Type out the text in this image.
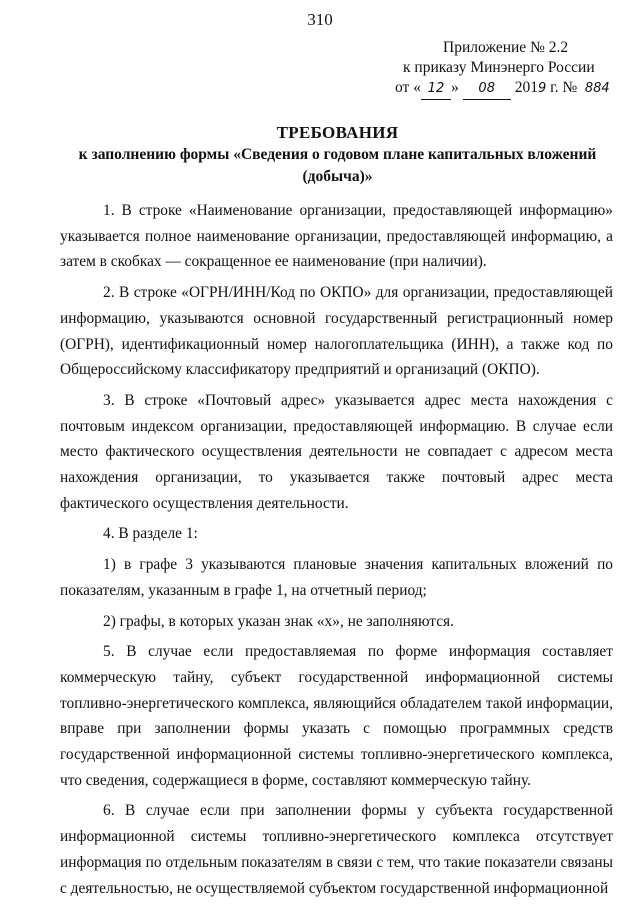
310
Приложение № 2.2
к приказу Минэнерго России
от « 12 » 08 2019 г. № 884
ТРЕБОВАНИЯ
к заполнению формы «Сведения о годовом плане капитальных вложений
(добыча)»

1. В строке «Наименование организации, предоставляющей информацию» указывается полное наименование организации, предоставляющей информацию, а затем в скобках — сокращенное ее наименование (при наличии).

2. В строке «ОГРН/ИНН/Код по ОКПО» для организации, предоставляющей информацию, указываются основной государственный регистрационный номер (ОГРН), идентификационный номер налогоплательщика (ИНН), а также код по Общероссийскому классификатору предприятий и организаций (ОКПО).

3. В строке «Почтовый адрес» указывается адрес места нахождения с почтовым индексом организации, предоставляющей информацию. В случае если место фактического осуществления деятельности не совпадает с адресом места нахождения организации, то указывается также почтовый адрес места фактического осуществления деятельности.

4. В разделе 1:

1) в графе 3 указываются плановые значения капитальных вложений по показателям, указанным в графе 1, на отчетный период;

2) графы, в которых указан знак «х», не заполняются.

5. В случае если предоставляемая по форме информация составляет коммерческую тайну, субъект государственной информационной системы топливно-энергетического комплекса, являющийся обладателем такой информации, вправе при заполнении формы указать с помощью программных средств государственной информационной системы топливно-энергетического комплекса, что сведения, содержащиеся в форме, составляют коммерческую тайну.

6. В случае если при заполнении формы у субъекта государственной информационной системы топливно-энергетического комплекса отсутствует информация по отдельным показателям в связи с тем, что такие показатели связаны с деятельностью, не осуществляемой субъектом государственной информационной
